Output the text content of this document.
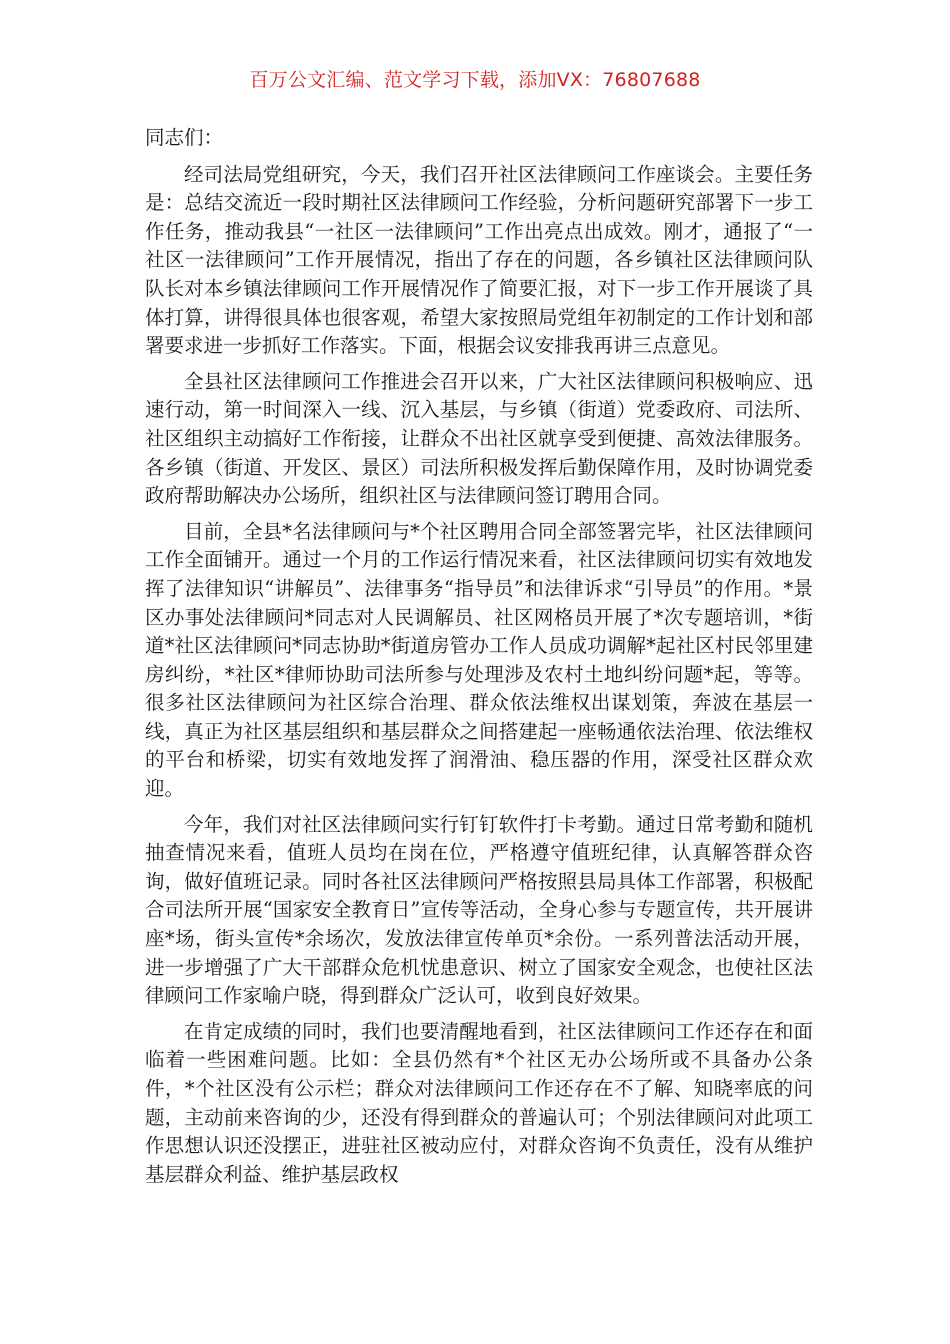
百万公文汇编、范文学习下载，添加VX：76807688

同志们：

经司法局党组研究，今天，我们召开社区法律顾问工作座谈会。主要任务是：总结交流近一段时期社区法律顾问工作经验，分析问题研究部署下一步工作任务，推动我县“一社区一法律顾问”工作出亮点出成效。刚才，通报了“一社区一法律顾问”工作开展情况，指出了存在的问题，各乡镇社区法律顾问队队长对本乡镇法律顾问工作开展情况作了简要汇报，对下一步工作开展谈了具体打算，讲得很具体也很客观，希望大家按照局党组年初制定的工作计划和部署要求进一步抓好工作落实。下面，根据会议安排我再讲三点意见。

全县社区法律顾问工作推进会召开以来，广大社区法律顾问积极响应、迅速行动，第一时间深入一线、沉入基层，与乡镇（街道）党委政府、司法所、社区组织主动搞好工作衔接，让群众不出社区就享受到便捷、高效法律服务。各乡镇（街道、开发区、景区）司法所积极发挥后勤保障作用，及时协调党委政府帮助解决办公场所，组织社区与法律顾问签订聘用合同。

目前，全县*名法律顾问与*个社区聘用合同全部签署完毕，社区法律顾问工作全面铺开。通过一个月的工作运行情况来看，社区法律顾问切实有效地发挥了法律知识“讲解员”、法律事务“指导员”和法律诉求“引导员”的作用。*景区办事处法律顾问*同志对人民调解员、社区网格员开展了*次专题培训，*街道*社区法律顾问*同志协助*街道房管办工作人员成功调解*起社区村民邻里建房纠纷，*社区*律师协助司法所参与处理涉及农村土地纠纷问题*起，等等。很多社区法律顾问为社区综合治理、群众依法维权出谋划策，奔波在基层一线，真正为社区基层组织和基层群众之间搭建起一座畅通依法治理、依法维权的平台和桥梁，切实有效地发挥了润滑油、稳压器的作用，深受社区群众欢迎。

今年，我们对社区法律顾问实行钉钉软件打卡考勤。通过日常考勤和随机抽查情况来看，值班人员均在岗在位，严格遵守值班纪律，认真解答群众咨询，做好值班记录。同时各社区法律顾问严格按照县局具体工作部署，积极配合司法所开展“国家安全教育日”宣传等活动，全身心参与专题宣传，共开展讲座*场，街头宣传*余场次，发放法律宣传单页*余份。一系列普法活动开展，进一步增强了广大干部群众危机忧患意识、树立了国家安全观念，也使社区法律顾问工作家喻户晓，得到群众广泛认可，收到良好效果。

在肯定成绩的同时，我们也要清醒地看到，社区法律顾问工作还存在和面临着一些困难问题。比如：全县仍然有*个社区无办公场所或不具备办公条件，*个社区没有公示栏；群众对法律顾问工作还存在不了解、知晓率底的问题，主动前来咨询的少，还没有得到群众的普遍认可；个别法律顾问对此项工作思想认识还没摆正，进驻社区被动应付，对群众咨询不负责任，没有从维护基层群众利益、维护基层政权
